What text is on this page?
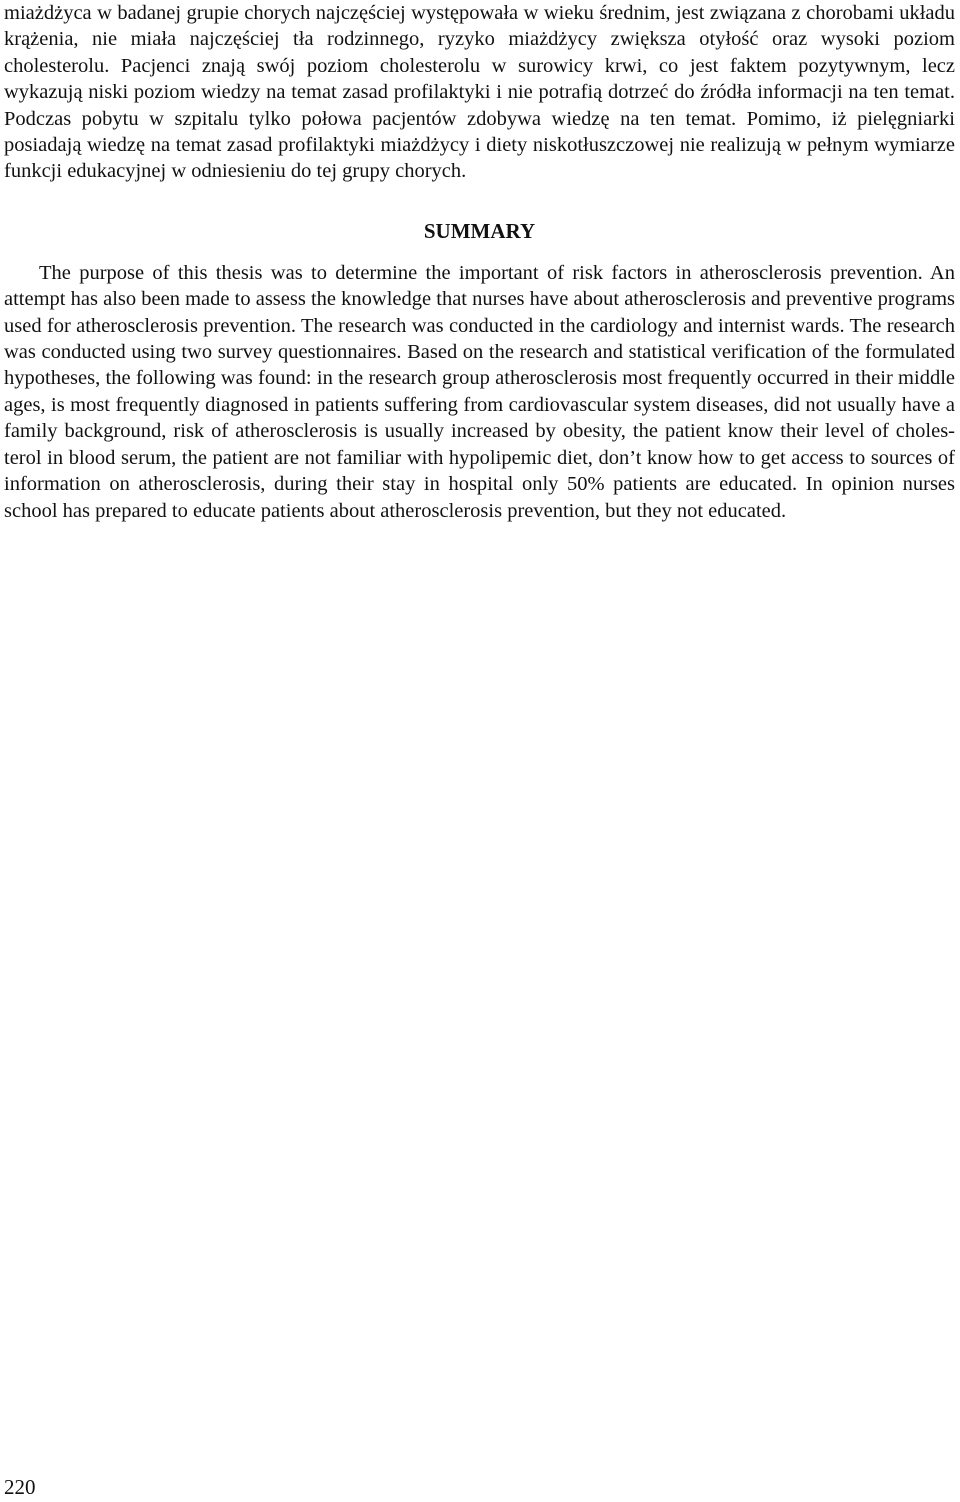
miażdżyca w badanej grupie chorych najczęściej występowała w wieku średnim, jest związana z chorobami układu krążenia, nie miała najczęściej tła rodzinnego, ryzyko miażdżycy zwiększa otyłość oraz wysoki poziom cholesterolu. Pacjenci znają swój poziom cholesterolu w surowicy krwi, co jest faktem pozytywnym, lecz wykazują niski poziom wiedzy na temat zasad profilaktyki i nie potrafią dotrzeć do źródła informacji na ten temat. Podczas pobytu w szpitalu tylko połowa pacjentów zdobywa wiedzę na ten temat. Pomimo, iż pielęgniarki posiadają wiedzę na temat zasad profilaktyki miażdżycy i diety niskotłuszczowej nie realizują w pełnym wymiarze funkcji edukacyjnej w odniesieniu do tej grupy chorych.

SUMMARY

The purpose of this thesis was to determine the important of risk factors in atherosclerosis prevention. An attempt has also been made to assess the knowledge that nurses have about atherosclerosis and preventive programs used for atherosclerosis prevention. The research was conducted in the cardiology and internist wards. The research was conducted using two survey questionnaires. Based on the research and statistical verification of the formulated hypotheses, the following was found: in the research group atherosclerosis most frequently occurred in their middle ages, is most frequently diagnosed in patients suffering from cardiovascular system diseases, did not usually have a family background, risk of atherosclerosis is usually increased by obesity, the patient know their level of cholesterol in blood serum, the patient are not familiar with hypolipemic diet, don’t know how to get access to sources of information on atherosclerosis, during their stay in hospital only 50% patients are educated. In opinion nurses school has prepared to educate patients about atherosclerosis prevention, but they not educated.

220
